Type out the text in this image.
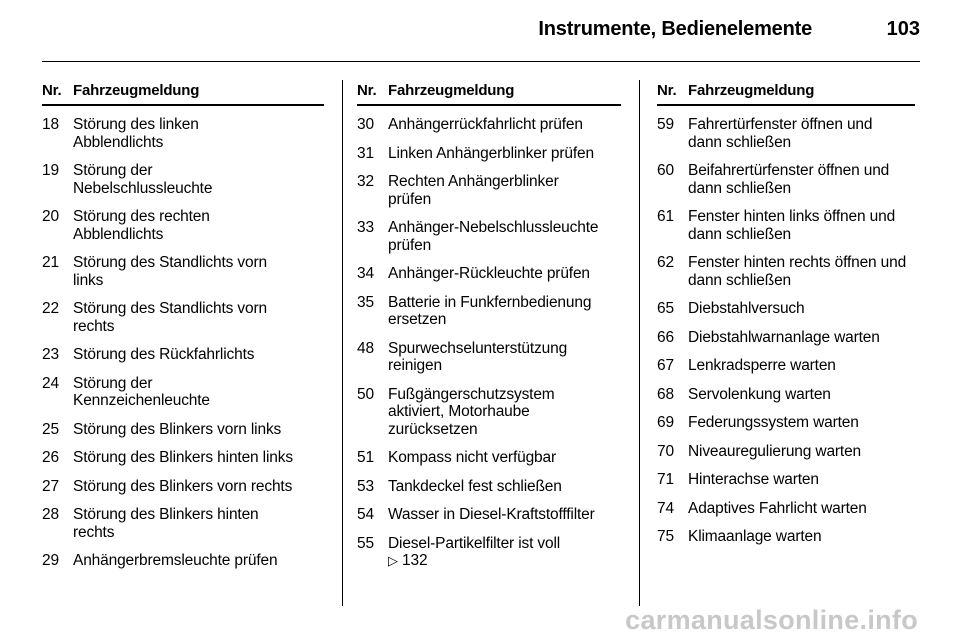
Instrumente, Bedienelemente	103
Nr. Fahrzeugmeldung
18 Störung des linken
Abblendlichts
19 Störung der
Nebelschlussleuchte
20 Störung des rechten
Abblendlichts
21 Störung des Standlichts vorn
links
22 Störung des Standlichts vorn
rechts
23 Störung des Rückfahrlichts
24 Störung der
Kennzeichenleuchte
25 Störung des Blinkers vorn links
26 Störung des Blinkers hinten links
27 Störung des Blinkers vorn rechts
28 Störung des Blinkers hinten
rechts
29 Anhängerbremsleuchte prüfen
Nr. Fahrzeugmeldung
30 Anhängerrückfahrlicht prüfen
31 Linken Anhängerblinker prüfen
32 Rechten Anhängerblinker
prüfen
33 Anhänger-Nebelschlussleuchte
prüfen
34 Anhänger-Rückleuchte prüfen
35 Batterie in Funkfernbedienung
ersetzen
48 Spurwechselunterstützung
reinigen
50 Fußgängerschutzsystem
aktiviert, Motorhaube
zurücksetzen
51 Kompass nicht verfügbar
53 Tankdeckel fest schließen
54 Wasser in Diesel-Kraftstofffilter
55 Diesel-Partikelfilter ist voll
▷ 132
Nr. Fahrzeugmeldung
59 Fahrertürfenster öffnen und
dann schließen
60 Beifahrertürfenster öffnen und
dann schließen
61 Fenster hinten links öffnen und
dann schließen
62 Fenster hinten rechts öffnen und
dann schließen
65 Diebstahlversuch
66 Diebstahlwarnanlage warten
67 Lenkradsperre warten
68 Servolenkung warten
69 Federungssystem warten
70 Niveauregulierung warten
71 Hinterachse warten
74 Adaptives Fahrlicht warten
75 Klimaanlage warten
carmanualsonline.info
